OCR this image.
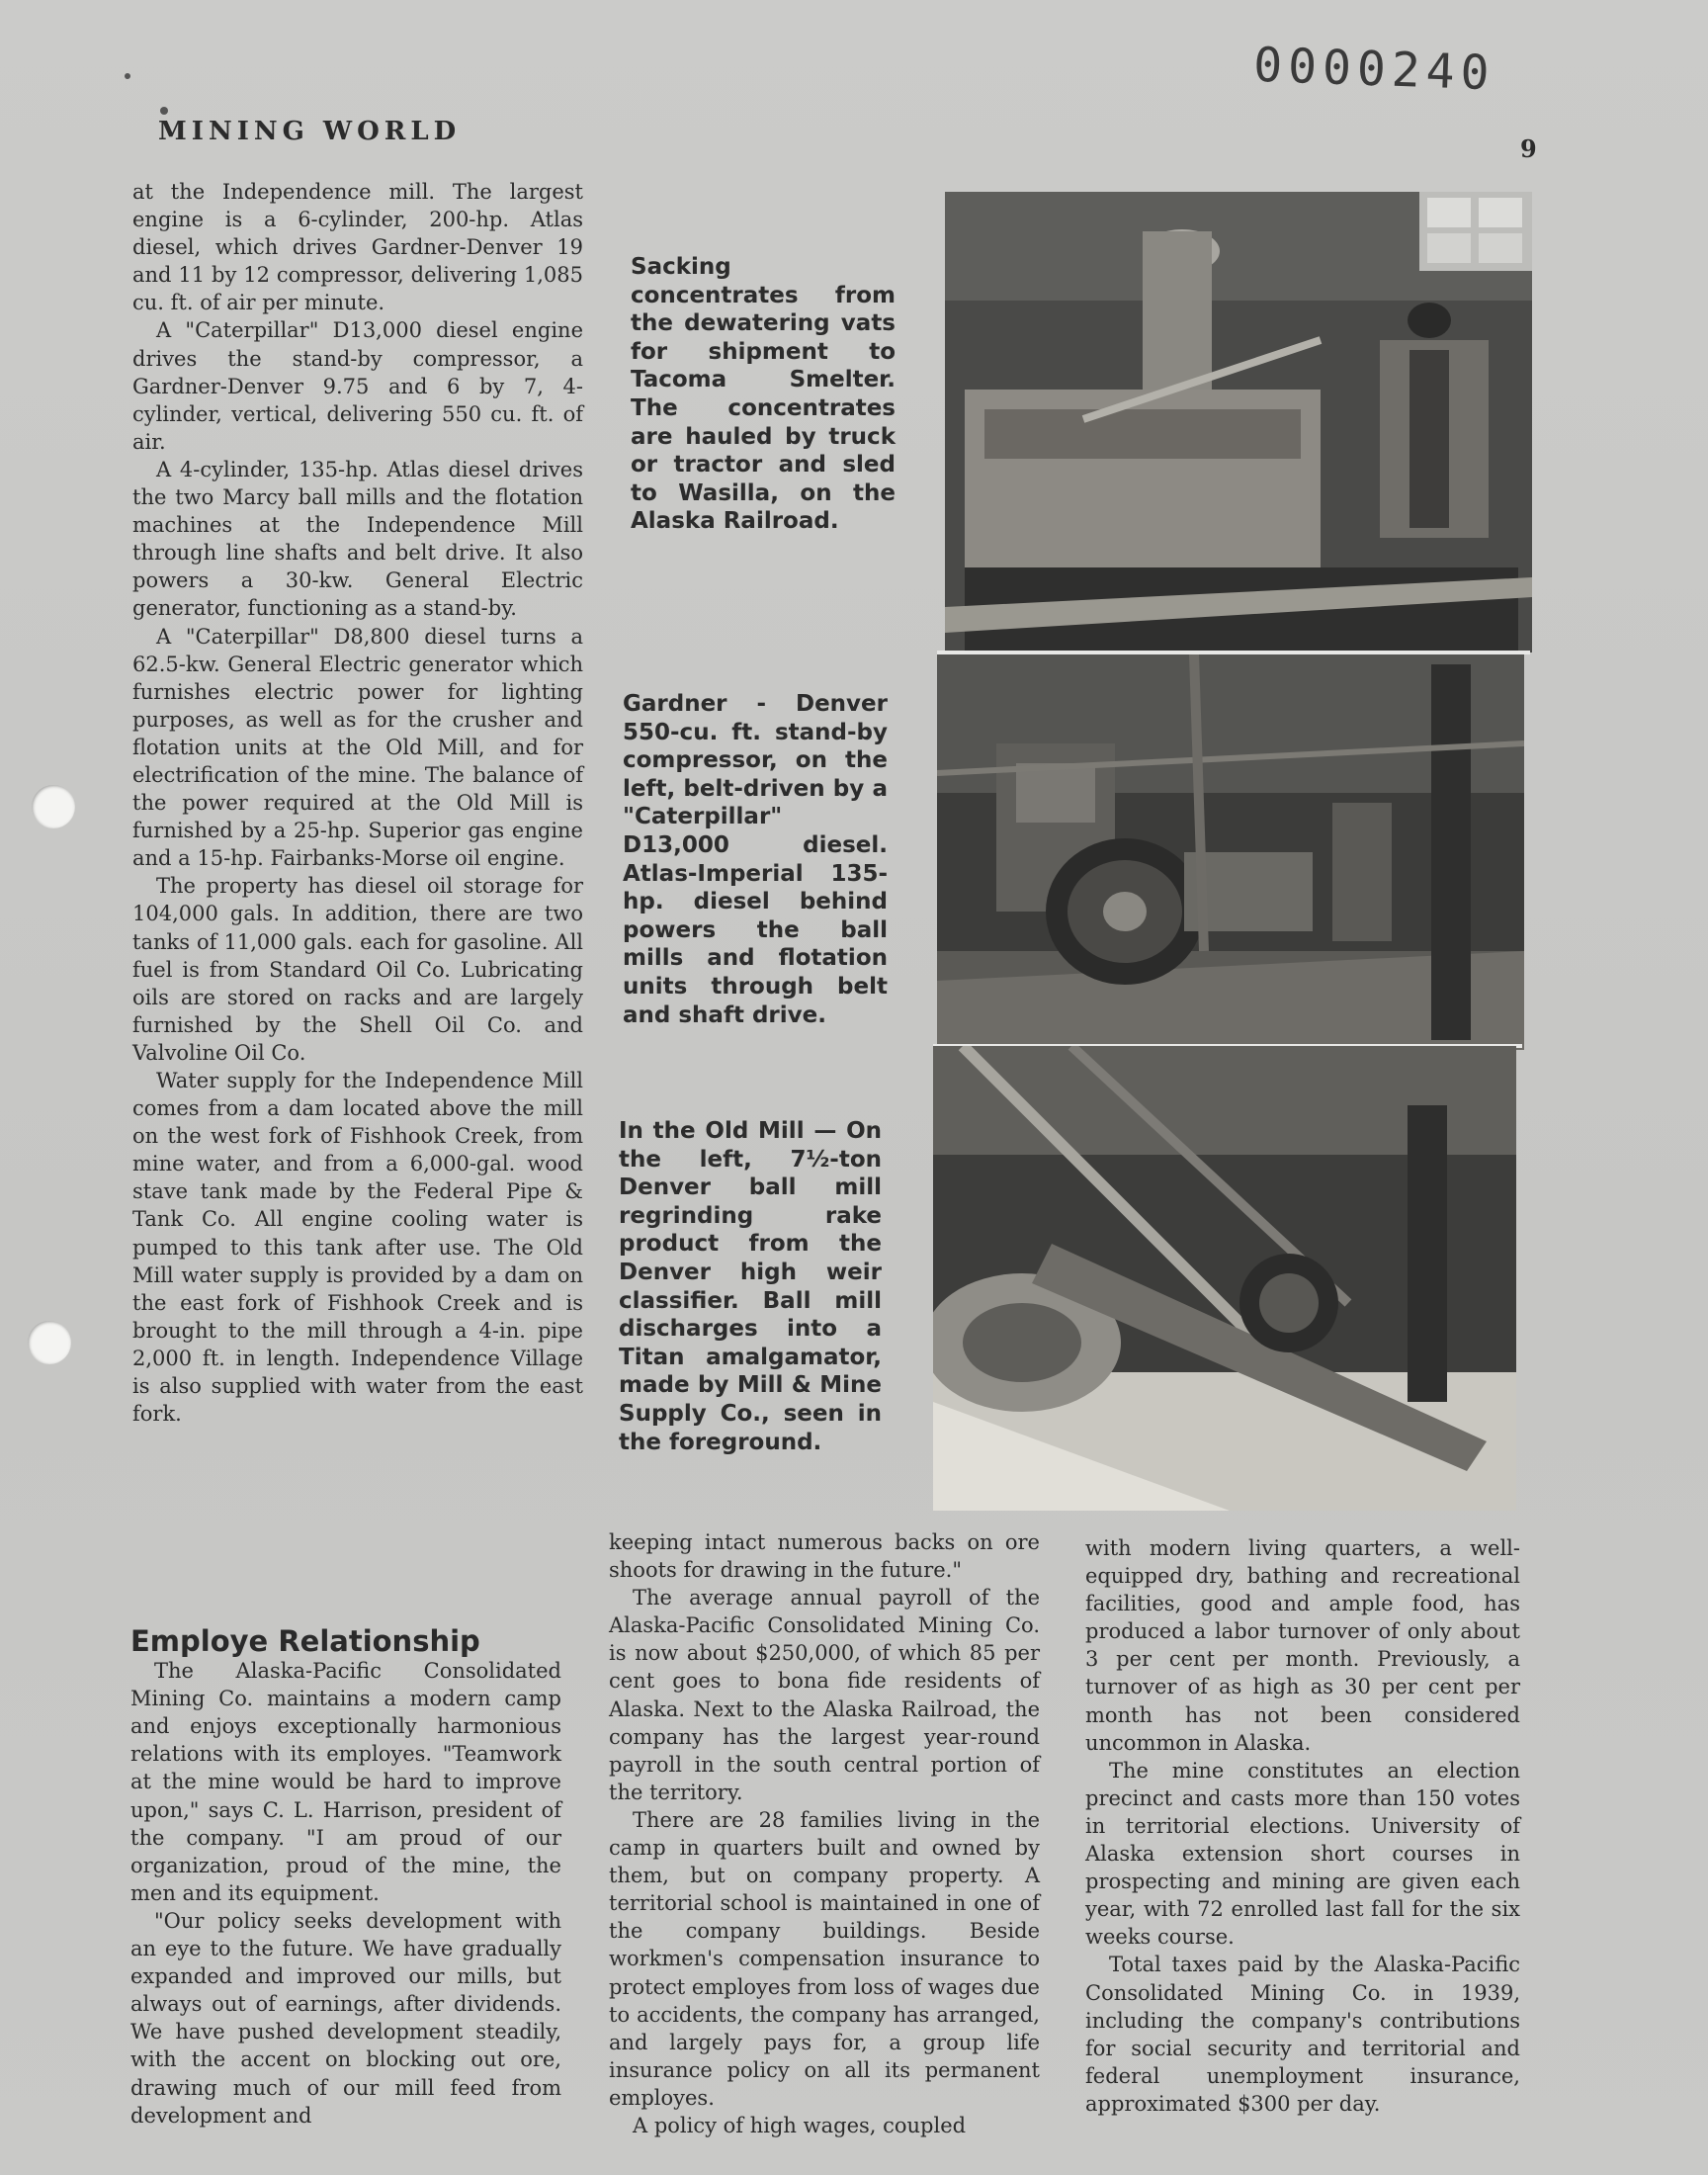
0000240
MINING WORLD
9

at the Independence mill. The largest engine is a 6-cylinder, 200-hp. Atlas diesel, which drives Gardner-Denver 19 and 11 by 12 compressor, delivering 1,085 cu. ft. of air per minute.

A "Caterpillar" D13,000 diesel engine drives the stand-by compressor, a Gardner-Denver 9.75 and 6 by 7, 4-cylinder, vertical, delivering 550 cu. ft. of air.

A 4-cylinder, 135-hp. Atlas diesel drives the two Marcy ball mills and the flotation machines at the Independence Mill through line shafts and belt drive. It also powers a 30-kw. General Electric generator, functioning as a stand-by.

A "Caterpillar" D8,800 diesel turns a 62.5-kw. General Electric generator which furnishes electric power for lighting purposes, as well as for the crusher and flotation units at the Old Mill, and for electrification of the mine. The balance of the power required at the Old Mill is furnished by a 25-hp. Superior gas engine and a 15-hp. Fairbanks-Morse oil engine.

The property has diesel oil storage for 104,000 gals. In addition, there are two tanks of 11,000 gals. each for gasoline. All fuel is from Standard Oil Co. Lubricating oils are stored on racks and are largely furnished by the Shell Oil Co. and Valvoline Oil Co.

Water supply for the Independence Mill comes from a dam located above the mill on the west fork of Fishhook Creek, from mine water, and from a 6,000-gal. wood stave tank made by the Federal Pipe & Tank Co. All engine cooling water is pumped to this tank after use. The Old Mill water supply is provided by a dam on the east fork of Fishhook Creek and is brought to the mill through a 4-in. pipe 2,000 ft. in length. Independence Village is also supplied with water from the east fork.

Employe Relationship

The Alaska-Pacific Consolidated Mining Co. maintains a modern camp and enjoys exceptionally harmonious relations with its employes. "Teamwork at the mine would be hard to improve upon," says C. L. Harrison, president of the company. "I am proud of our organization, proud of the mine, the men and its equipment.

"Our policy seeks development with an eye to the future. We have gradually expanded and improved our mills, but always out of earnings, after dividends. We have pushed development steadily, with the accent on blocking out ore, drawing much of our mill feed from development and

Sacking concentrates from the dewatering vats for shipment to Tacoma Smelter. The concentrates are hauled by truck or tractor and sled to Wasilla, on the Alaska Railroad.
Gardner - Denver 550-cu. ft. stand-by compressor, on the left, belt-driven by a "Caterpillar" D13,000 diesel. Atlas-Imperial 135-hp. diesel behind powers the ball mills and flotation units through belt and shaft drive.
In the Old Mill — On the left, 7½-ton Denver ball mill regrinding rake product from the Denver high weir classifier. Ball mill discharges into a Titan amalgamator, made by Mill & Mine Supply Co., seen in the foreground.

keeping intact numerous backs on ore shoots for drawing in the future."

The average annual payroll of the Alaska-Pacific Consolidated Mining Co. is now about $250,000, of which 85 per cent goes to bona fide residents of Alaska. Next to the Alaska Railroad, the company has the largest year-round payroll in the south central portion of the territory.

There are 28 families living in the camp in quarters built and owned by them, but on company property. A territorial school is maintained in one of the company buildings. Beside workmen's compensation insurance to protect employes from loss of wages due to accidents, the company has arranged, and largely pays for, a group life insurance policy on all its permanent employes.

A policy of high wages, coupled

with modern living quarters, a well-equipped dry, bathing and recreational facilities, good and ample food, has produced a labor turnover of only about 3 per cent per month. Previously, a turnover of as high as 30 per cent per month has not been considered uncommon in Alaska.

The mine constitutes an election precinct and casts more than 150 votes in territorial elections. University of Alaska extension short courses in prospecting and mining are given each year, with 72 enrolled last fall for the six weeks course.

Total taxes paid by the Alaska-Pacific Consolidated Mining Co. in 1939, including the company's contributions for social security and territorial and federal unemployment insurance, approximated $300 per day.
